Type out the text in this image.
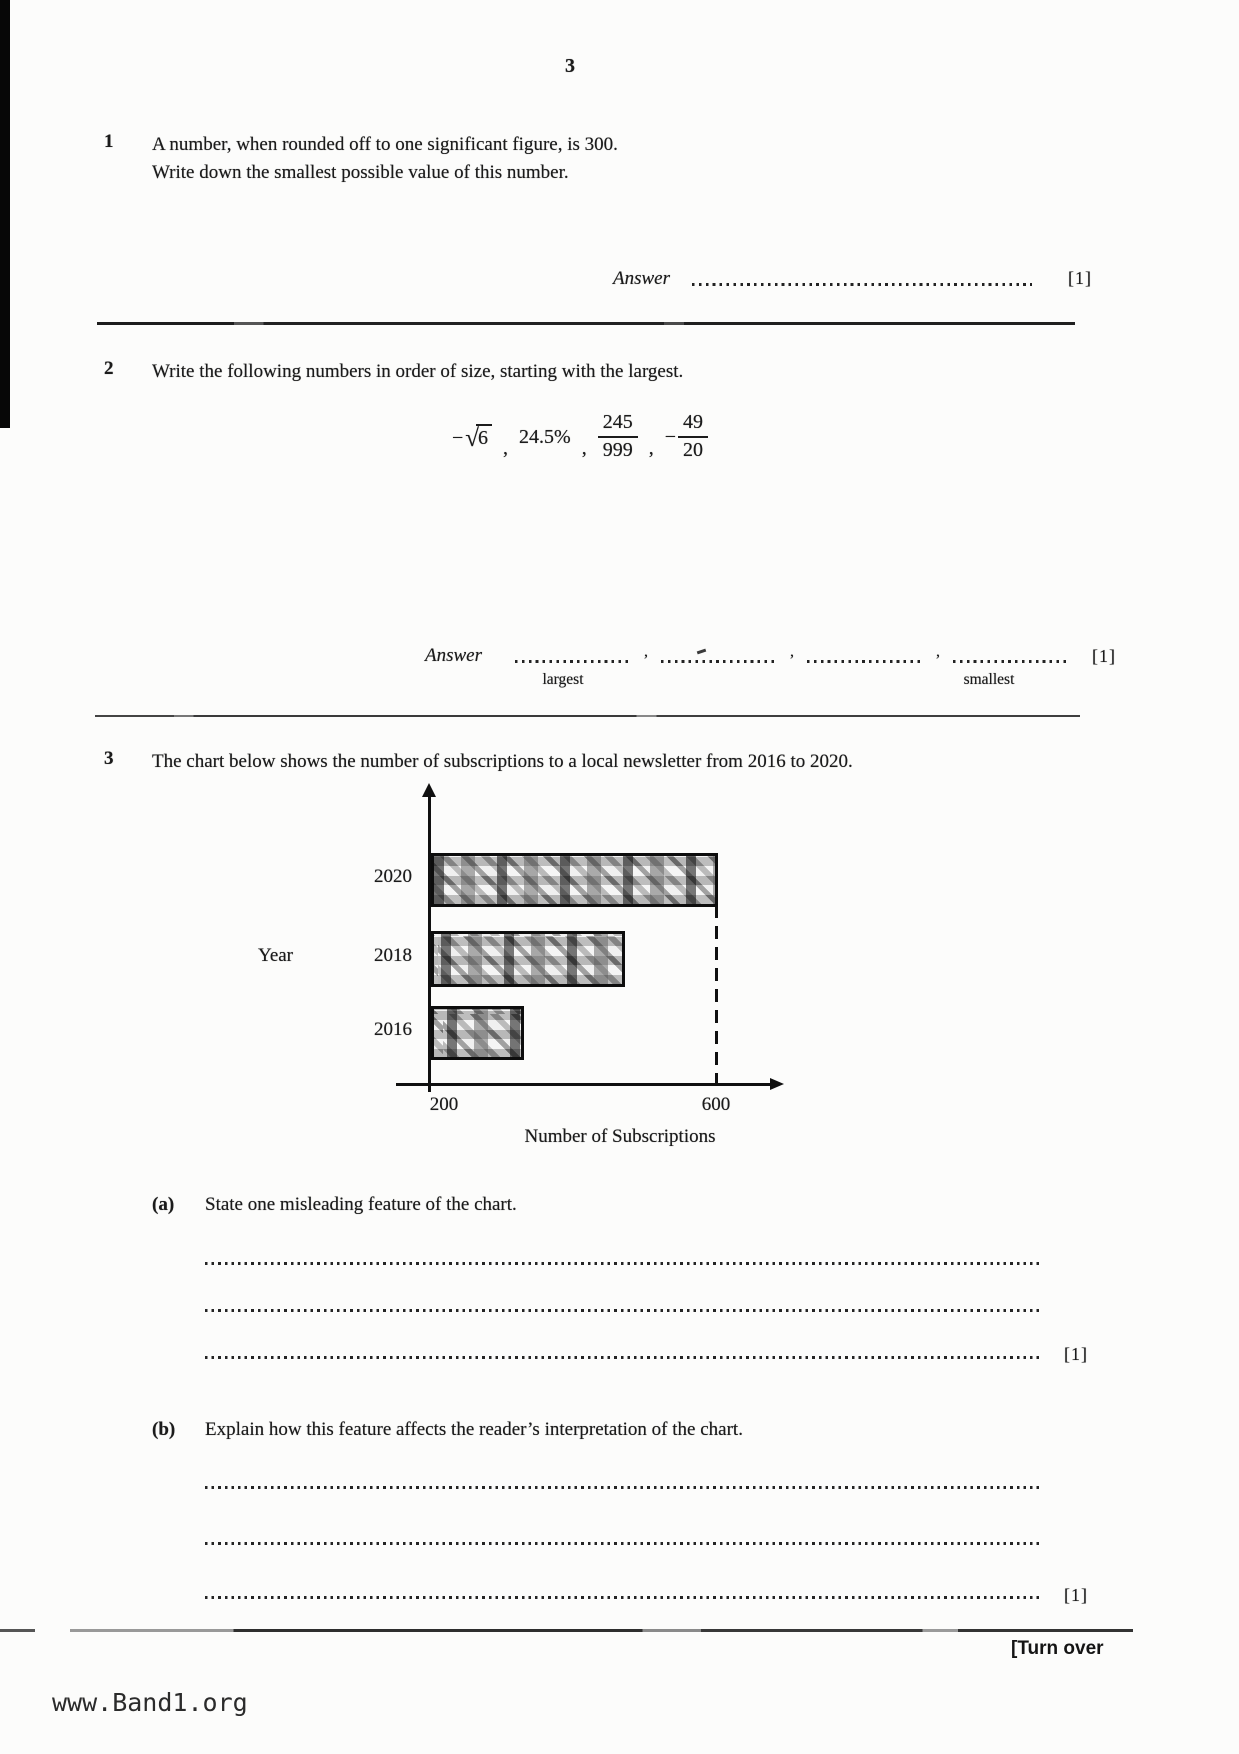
3
1 A number, when rounded off to one significant figure, is 300.
Write down the smallest possible value of this number.
Answer	[1]
2 Write the following numbers in order of size, starting with the largest.
−√6 ,
24.5%
, $\frac{245}{999}$ ,
− $\frac{49}{20}$
Answer	,	,	,	[1]
largest	smallest
3 The chart below shows the number of subscriptions to a local newsletter from 2016 to 2020.
2020
2018
2016
Year
200	600
Number of Subscriptions
(a) State one misleading feature of the chart.
[1]
(b) Explain how this feature affects the reader’s interpretation of the chart.
[1]
[Turn over
www.Band1.org
